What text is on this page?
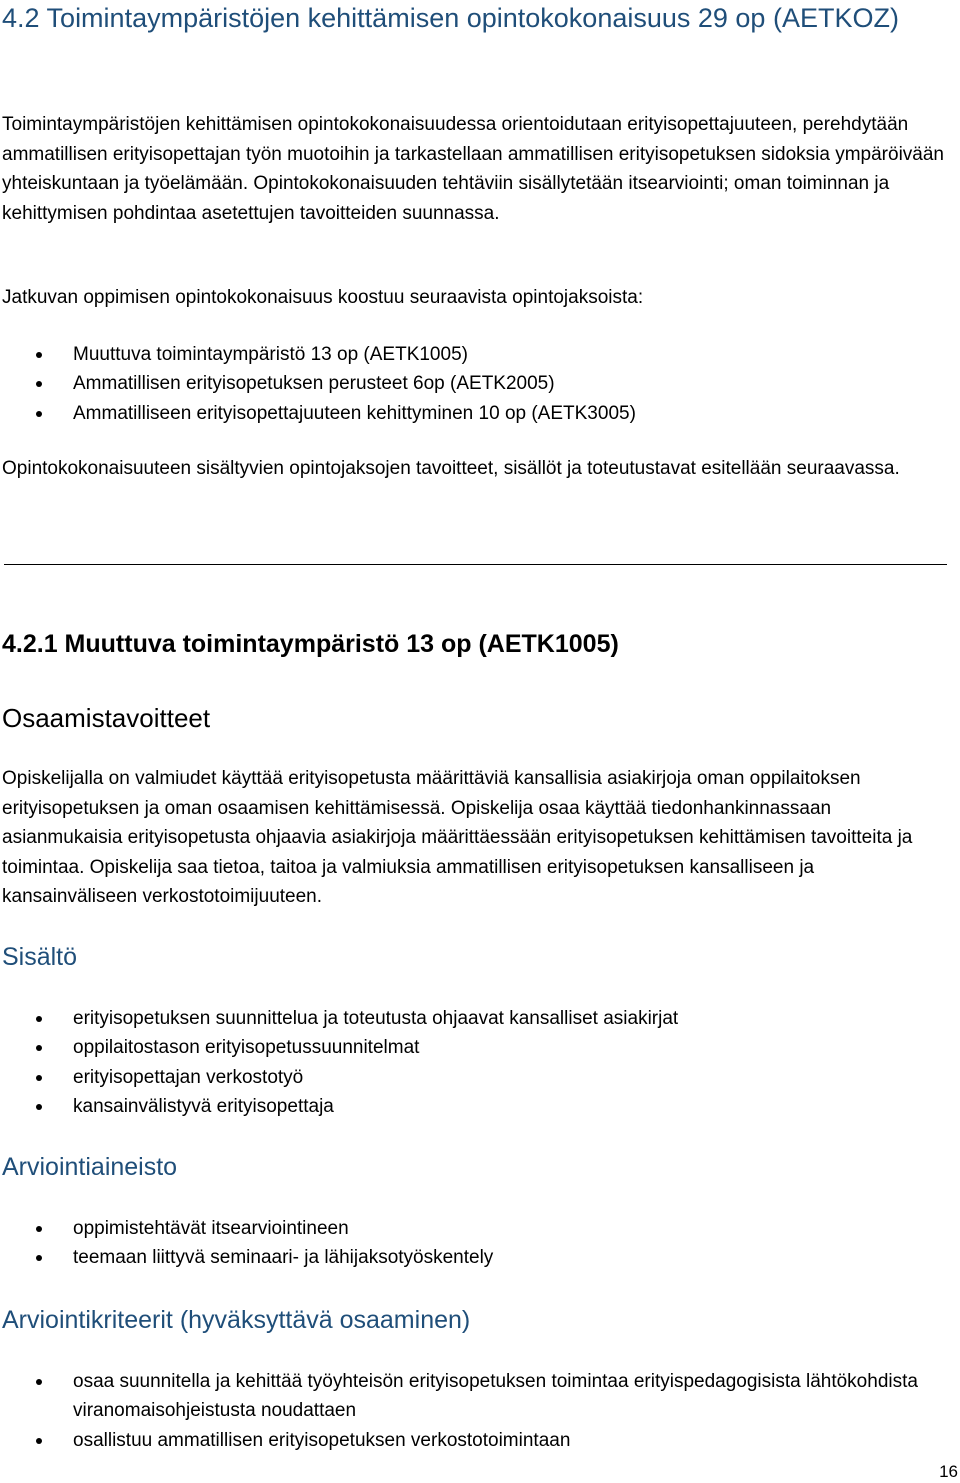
4.2 Toimintaympäristöjen kehittämisen opintokokonaisuus 29 op (AETKOZ)

Toimintaympäristöjen kehittämisen opintokokonaisuudessa orientoidutaan erityisopettajuuteen, perehdytään ammatillisen erityisopettajan työn muotoihin ja tarkastellaan ammatillisen erityisopetuksen sidoksia ympäröivään yhteiskuntaan ja työelämään. Opintokokonaisuuden tehtäviin sisällytetään itsearviointi; oman toiminnan ja kehittymisen pohdintaa asetettujen tavoitteiden suunnassa.

Jatkuvan oppimisen opintokokonaisuus koostuu seuraavista opintojaksoista:

Muuttuva toimintaympäristö 13 op (AETK1005)
Ammatillisen erityisopetuksen perusteet 6op (AETK2005)
Ammatilliseen erityisopettajuuteen kehittyminen 10 op (AETK3005)

Opintokokonaisuuteen sisältyvien opintojaksojen tavoitteet, sisällöt ja toteutustavat esitellään seuraavassa.

4.2.1 Muuttuva toimintaympäristö 13 op (AETK1005)
Osaamistavoitteet

Opiskelijalla on valmiudet käyttää erityisopetusta määrittäviä kansallisia asiakirjoja oman oppilaitoksen erityisopetuksen ja oman osaamisen kehittämisessä. Opiskelija osaa käyttää tiedonhankinnassaan asianmukaisia erityisopetusta ohjaavia asiakirjoja määrittäessään erityisopetuksen kehittämisen tavoitteita ja toimintaa. Opiskelija saa tietoa, taitoa ja valmiuksia ammatillisen erityisopetuksen kansalliseen ja kansainväliseen verkostotoimijuuteen.

Sisältö
erityisopetuksen suunnittelua ja toteutusta ohjaavat kansalliset asiakirjat
oppilaitostason erityisopetussuunnitelmat
erityisopettajan verkostotyö
kansainvälistyvä erityisopettaja
Arviointiaineisto
oppimistehtävät itsearviointineen
teemaan liittyvä seminaari- ja lähijaksotyöskentely
Arviointikriteerit (hyväksyttävä osaaminen)
osaa suunnitella ja kehittää työyhteisön erityisopetuksen toimintaa erityispedagogisista lähtökohdista viranomaisohjeistusta noudattaen
osallistuu ammatillisen erityisopetuksen verkostotoimintaan
16
